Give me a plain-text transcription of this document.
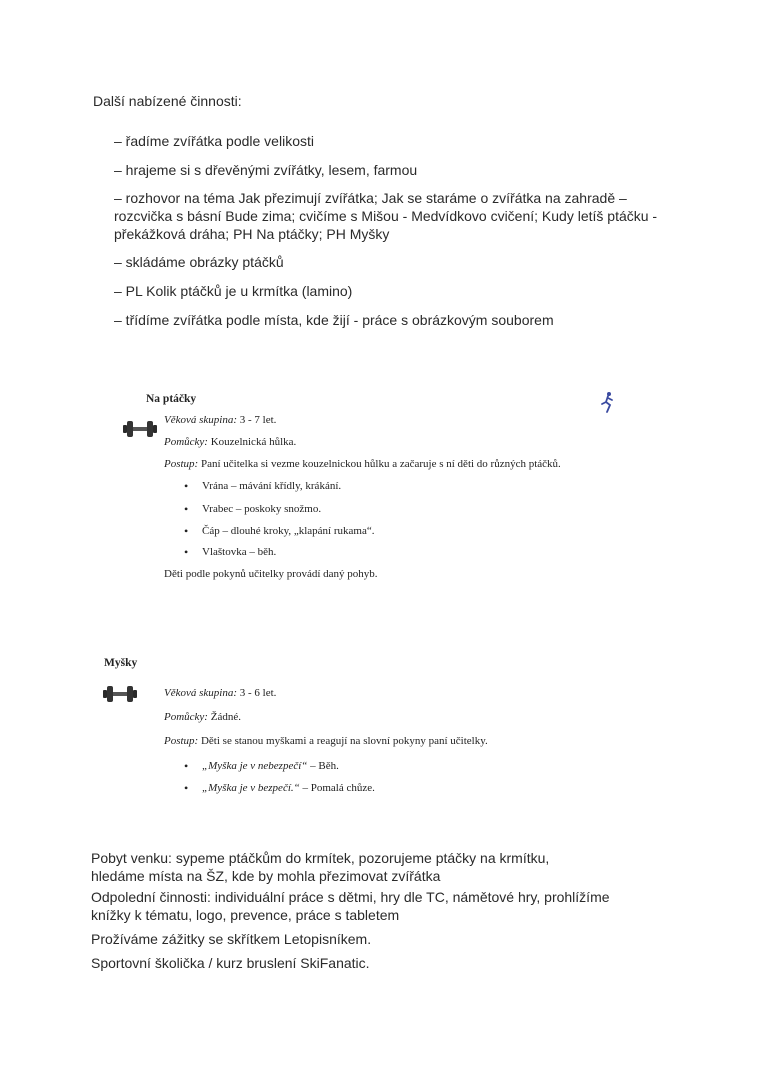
Další nabízené činnosti:
– řadíme zvířátka podle velikosti
– hrajeme si s dřevěnými zvířátky, lesem, farmou
– rozhovor na téma Jak přezimují zvířátka; Jak se staráme o zvířátka na zahradě – rozcvička s básní Bude zima; cvičíme s Mišou - Medvídkovo cvičení; Kudy letíš ptáčku - překážková dráha; PH Na ptáčky; PH Myšky
– skládáme obrázky ptáčků
– PL Kolik ptáčků je u krmítka (lamino)
– třídíme zvířátka podle místa, kde žijí - práce s obrázkovým souborem
Na ptáčky
Věková skupina: 3 - 7 let.
Pomůcky: Kouzelnická hůlka.
Postup: Paní učitelka si vezme kouzelnickou hůlku a začaruje s ní děti do různých ptáčků.
• Vrána – mávání křídly, krákání.
• Vrabec – poskoky snožmo.
• Čáp – dlouhé kroky, „klapání rukama“.
• Vlaštovka – běh.
Děti podle pokynů učitelky provádí daný pohyb.
Myšky
Věková skupina: 3 - 6 let.
Pomůcky: Žádné.
Postup: Děti se stanou myškami a reagují na slovní pokyny paní učitelky.
• „Myška je v nebezpečí“ – Běh.
• „Myška je v bezpečí.“ – Pomalá chůze.
Pobyt venku: sypeme ptáčkům do krmítek, pozorujeme ptáčky na krmítku,
hledáme místa na ŠZ, kde by mohla přezimovat zvířátka
Odpolední činnosti: individuální práce s dětmi, hry dle TC, námětové hry, prohlížíme
knížky k tématu, logo, prevence, práce s tabletem
Prožíváme zážitky se skřítkem Letopisníkem.
Sportovní školička / kurz bruslení SkiFanatic.
